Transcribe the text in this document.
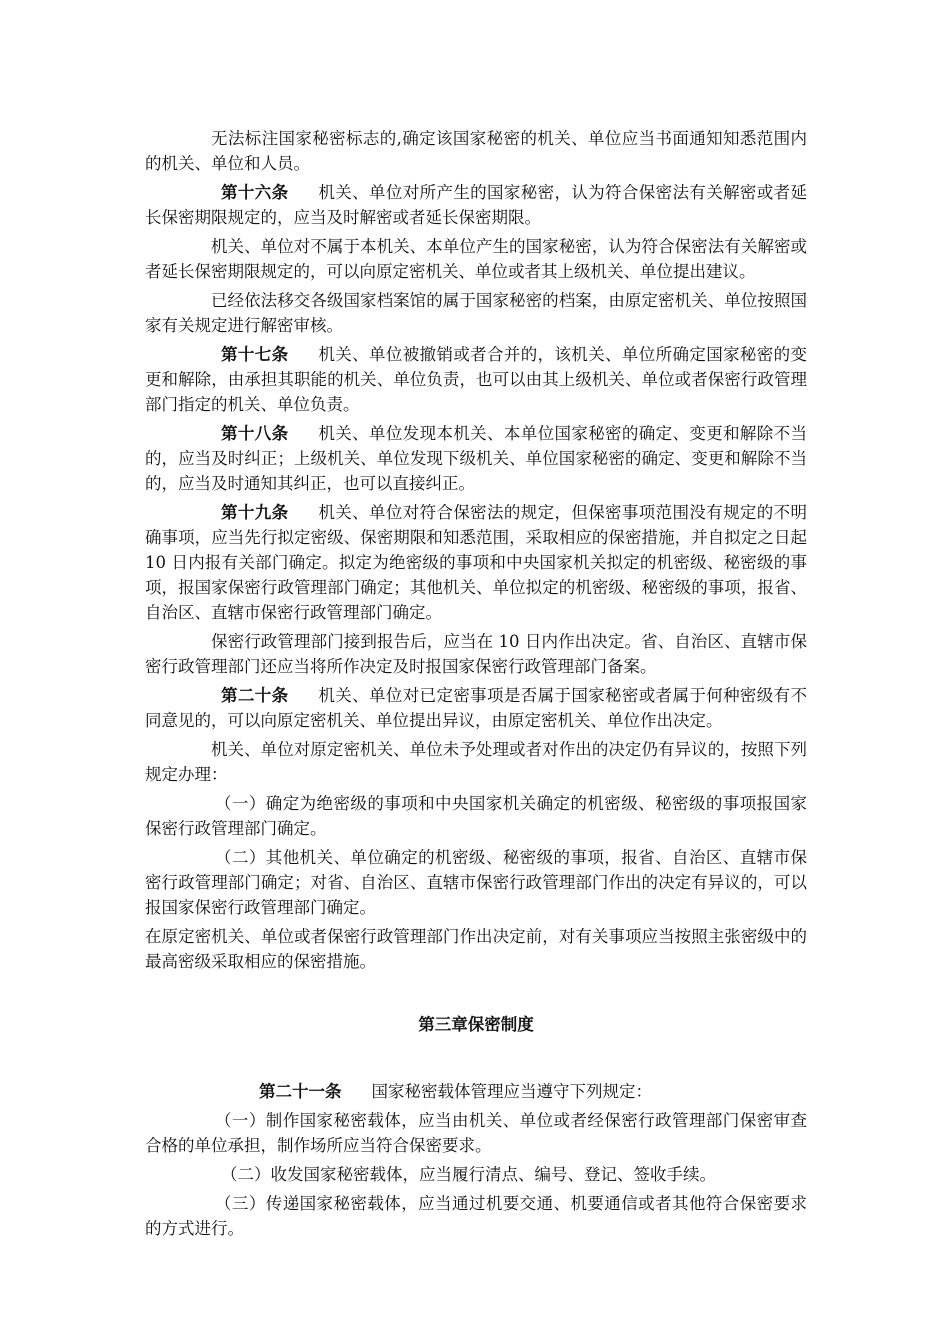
无法标注国家秘密标志的,确定该国家秘密的机关、单位应当书面通知知悉范围内的机关、单位和人员。

第十六条 机关、单位对所产生的国家秘密，认为符合保密法有关解密或者延长保密期限规定的，应当及时解密或者延长保密期限。

机关、单位对不属于本机关、本单位产生的国家秘密，认为符合保密法有关解密或者延长保密期限规定的，可以向原定密机关、单位或者其上级机关、单位提出建议。

已经依法移交各级国家档案馆的属于国家秘密的档案，由原定密机关、单位按照国家有关规定进行解密审核。

第十七条 机关、单位被撤销或者合并的，该机关、单位所确定国家秘密的变更和解除，由承担其职能的机关、单位负责，也可以由其上级机关、单位或者保密行政管理部门指定的机关、单位负责。

第十八条 机关、单位发现本机关、本单位国家秘密的确定、变更和解除不当的，应当及时纠正；上级机关、单位发现下级机关、单位国家秘密的确定、变更和解除不当的，应当及时通知其纠正，也可以直接纠正。

第十九条 机关、单位对符合保密法的规定，但保密事项范围没有规定的不明确事项，应当先行拟定密级、保密期限和知悉范围，采取相应的保密措施，并自拟定之日起 10 日内报有关部门确定。拟定为绝密级的事项和中央国家机关拟定的机密级、秘密级的事项，报国家保密行政管理部门确定；其他机关、单位拟定的机密级、秘密级的事项，报省、自治区、直辖市保密行政管理部门确定。

保密行政管理部门接到报告后，应当在 10 日内作出决定。省、自治区、直辖市保密行政管理部门还应当将所作决定及时报国家保密行政管理部门备案。

第二十条 机关、单位对已定密事项是否属于国家秘密或者属于何种密级有不同意见的，可以向原定密机关、单位提出异议，由原定密机关、单位作出决定。

机关、单位对原定密机关、单位未予处理或者对作出的决定仍有异议的，按照下列规定办理：

（一）确定为绝密级的事项和中央国家机关确定的机密级、秘密级的事项报国家保密行政管理部门确定。

（二）其他机关、单位确定的机密级、秘密级的事项，报省、自治区、直辖市保密行政管理部门确定；对省、自治区、直辖市保密行政管理部门作出的决定有异议的，可以报国家保密行政管理部门确定。

在原定密机关、单位或者保密行政管理部门作出决定前，对有关事项应当按照主张密级中的最高密级采取相应的保密措施。

第三章保密制度

第二十一条 国家秘密载体管理应当遵守下列规定：

（一）制作国家秘密载体，应当由机关、单位或者经保密行政管理部门保密审查合格的单位承担，制作场所应当符合保密要求。

（二）收发国家秘密载体，应当履行清点、编号、登记、签收手续。

（三）传递国家秘密载体，应当通过机要交通、机要通信或者其他符合保密要求的方式进行。
